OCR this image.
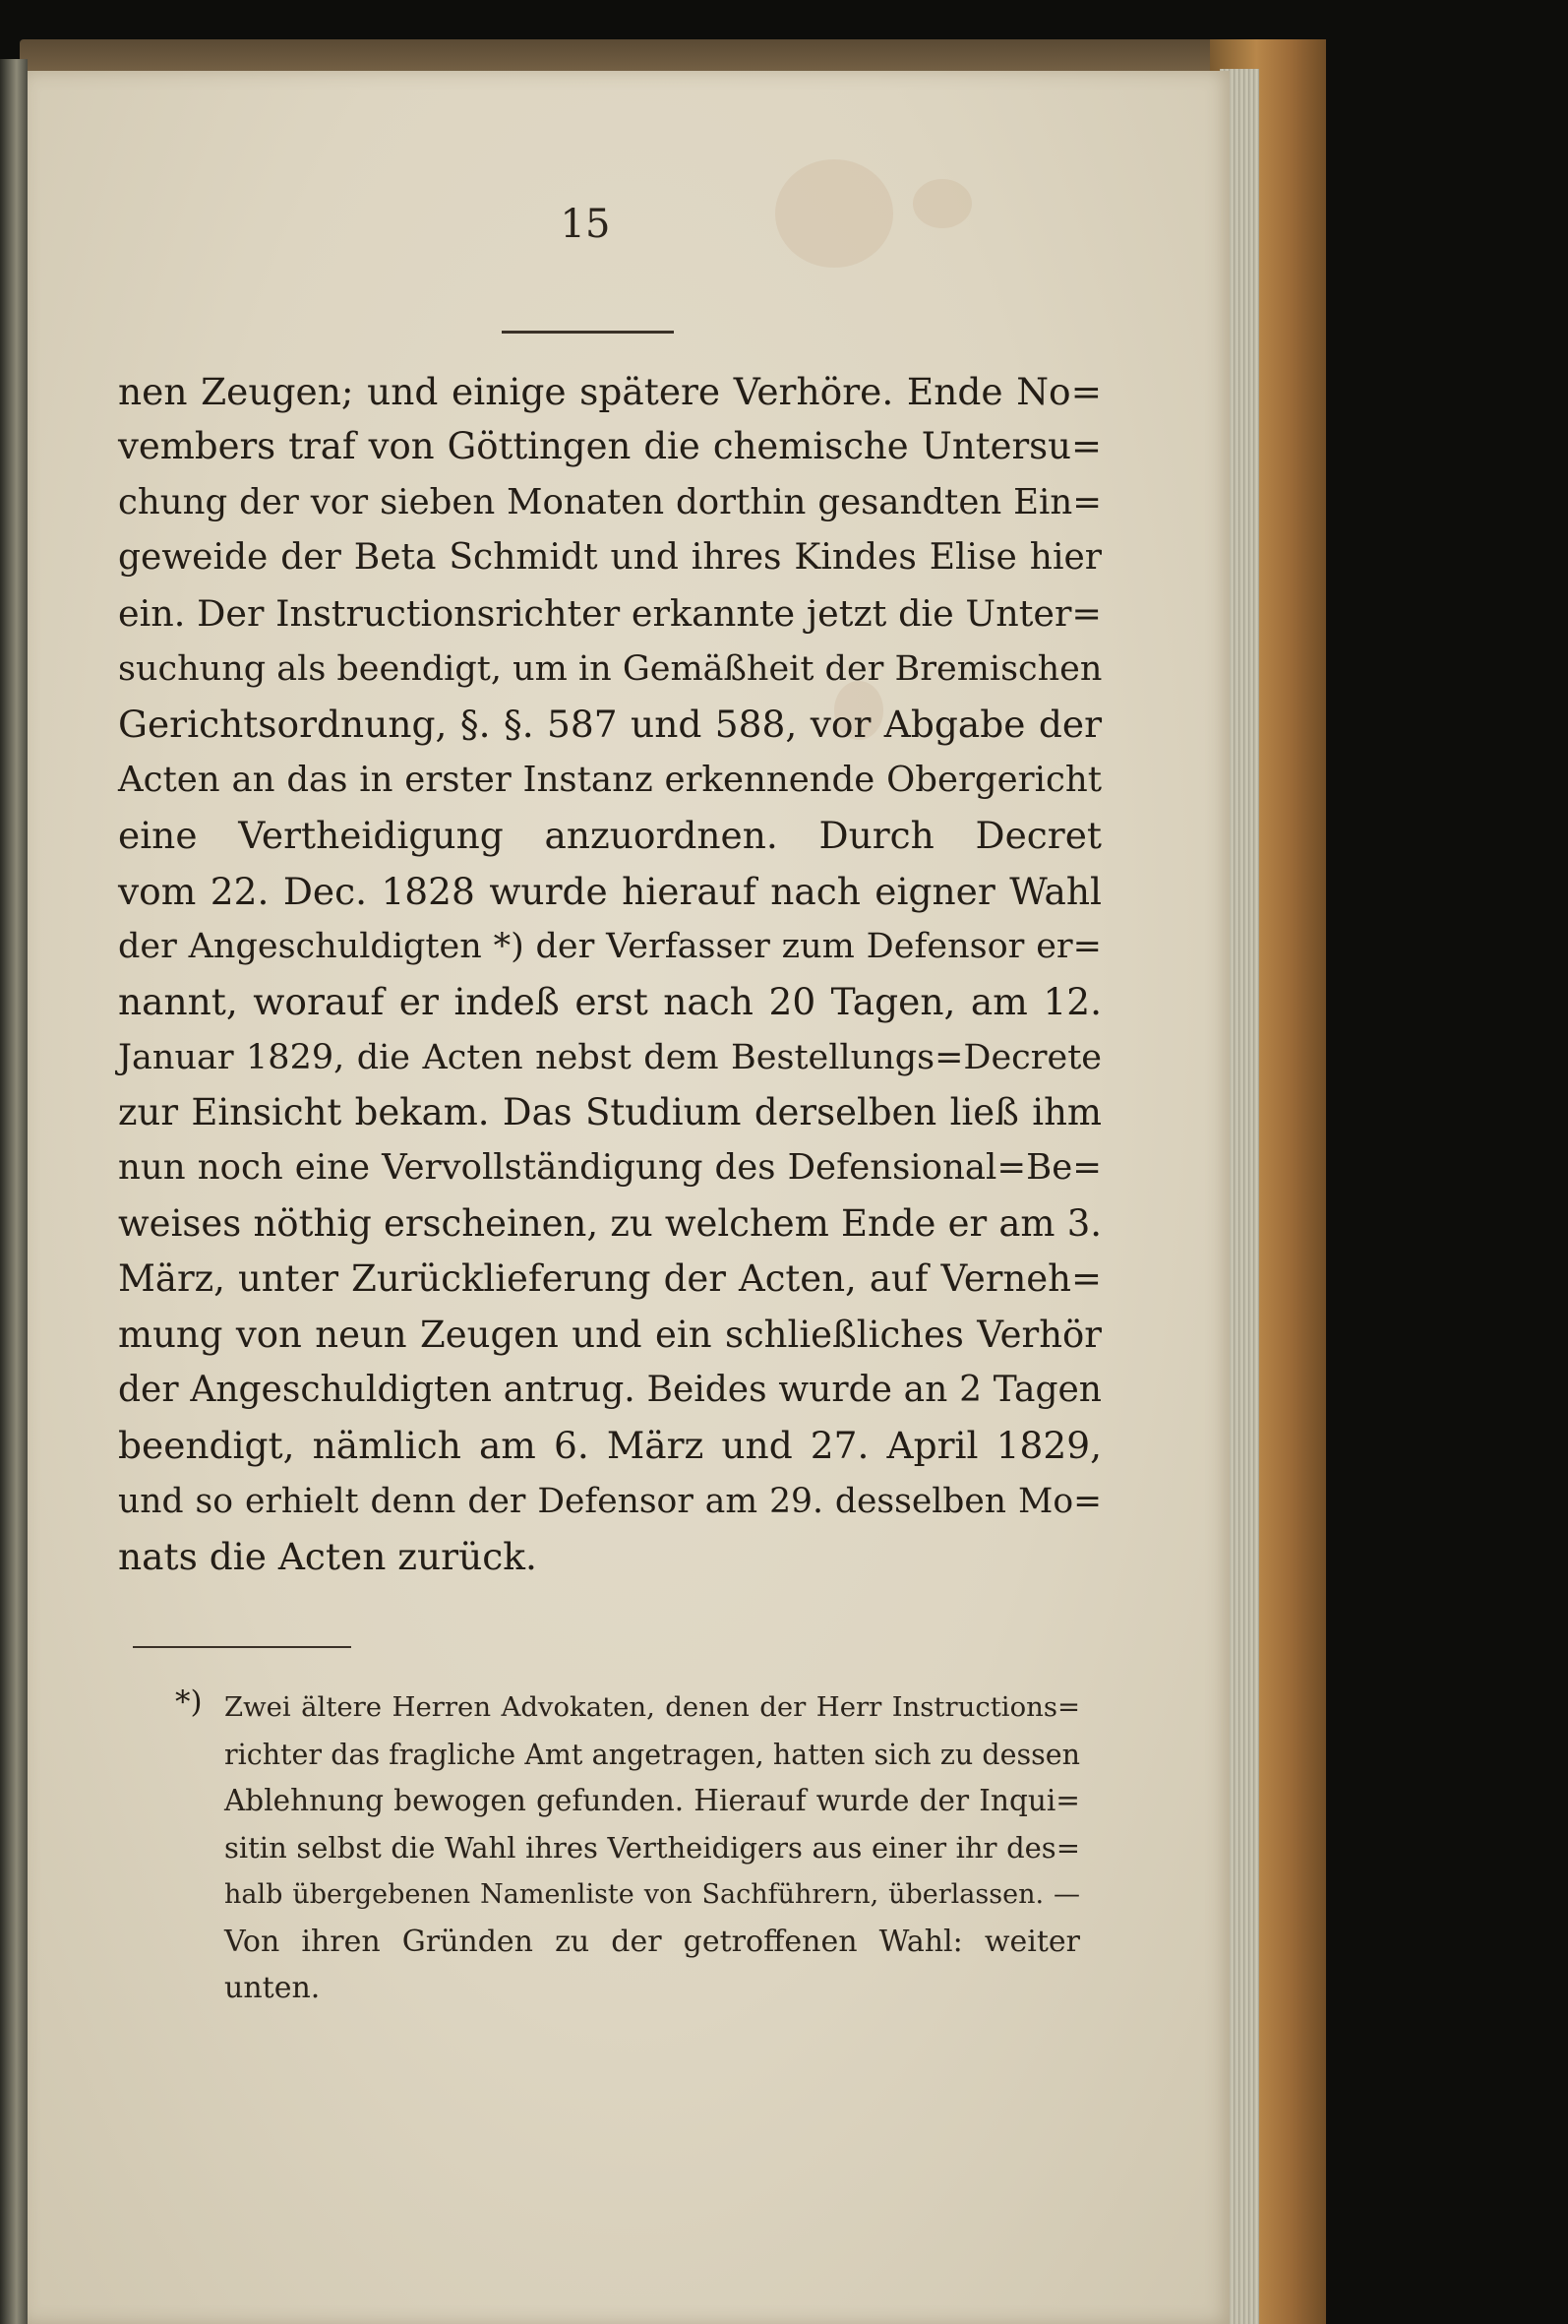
15
nen Zeugen; und einige spätere Verhöre. Ende No=
vembers traf von Göttingen die chemische Untersu=
chung der vor sieben Monaten dorthin gesandten Ein=
geweide der Beta Schmidt und ihres Kindes Elise hier
ein. Der Instructionsrichter erkannte jetzt die Unter=
suchung als beendigt, um in Gemäßheit der Bremischen
Gerichtsordnung, §. §. 587 und 588, vor Abgabe der
Acten an das in erster Instanz erkennende Obergericht
eine Vertheidigung anzuordnen. Durch Decret
vom 22. Dec. 1828 wurde hierauf nach eigner Wahl
der Angeschuldigten *) der Verfasser zum Defensor er=
nannt, worauf er indeß erst nach 20 Tagen, am 12.
Januar 1829, die Acten nebst dem Bestellungs=Decrete
zur Einsicht bekam. Das Studium derselben ließ ihm
nun noch eine Vervollständigung des Defensional=Be=
weises nöthig erscheinen, zu welchem Ende er am 3.
März, unter Zurücklieferung der Acten, auf Verneh=
mung von neun Zeugen und ein schließliches Verhör
der Angeschuldigten antrug. Beides wurde an 2 Tagen
beendigt, nämlich am 6. März und 27. April 1829,
und so erhielt denn der Defensor am 29. desselben Mo=
nats die Acten zurück.
*) Zwei ältere Herren Advokaten, denen der Herr Instructions=
richter das fragliche Amt angetragen, hatten sich zu dessen
Ablehnung bewogen gefunden. Hierauf wurde der Inqui=
sitin selbst die Wahl ihres Vertheidigers aus einer ihr des=
halb übergebenen Namenliste von Sachführern, überlassen. —
Von ihren Gründen zu der getroffenen Wahl: weiter
unten.
